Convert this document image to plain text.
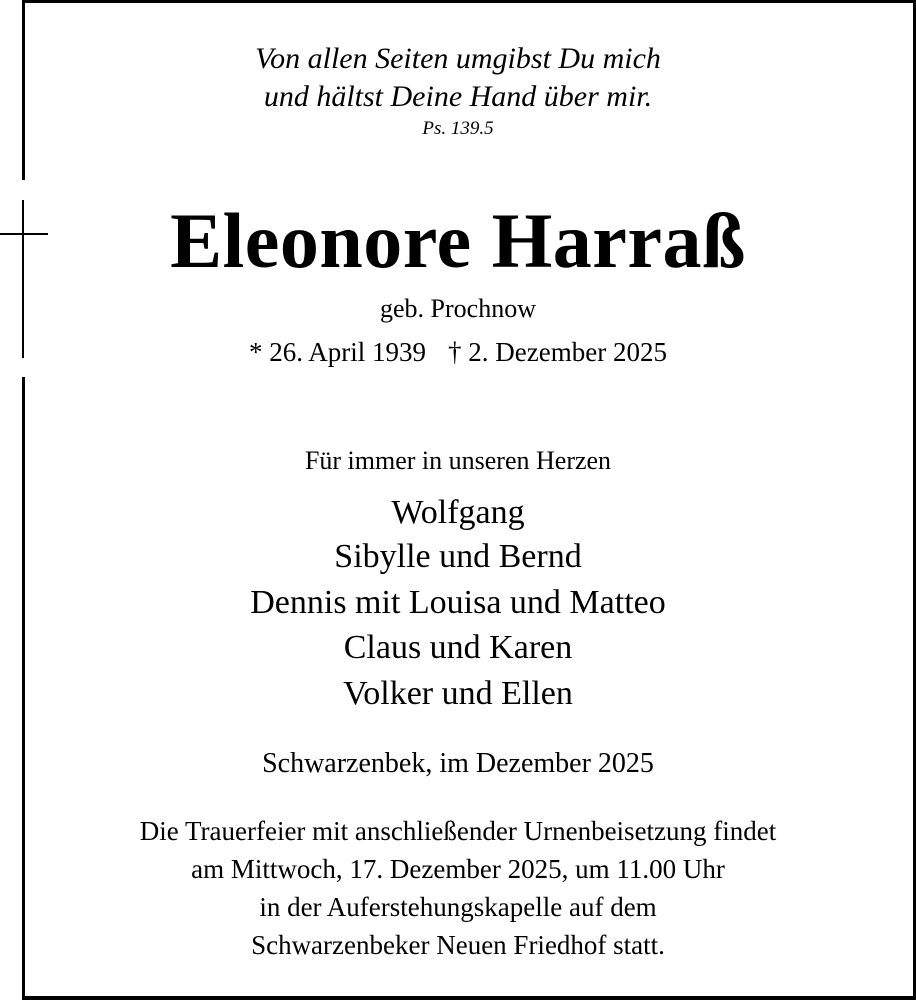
Von allen Seiten umgibst Du mich
und hältst Deine Hand über mir.
Ps. 139.5
Eleonore Harraß
geb. Prochnow
* 26. April 1939 † 2. Dezember 2025
Für immer in unseren Herzen
Wolfgang
Sibylle und Bernd
Dennis mit Louisa und Matteo
Claus und Karen
Volker und Ellen
Schwarzenbek, im Dezember 2025
Die Trauerfeier mit anschließender Urnenbeisetzung findet
am Mittwoch, 17. Dezember 2025, um 11.00 Uhr
in der Auferstehungskapelle auf dem
Schwarzenbeker Neuen Friedhof statt.
